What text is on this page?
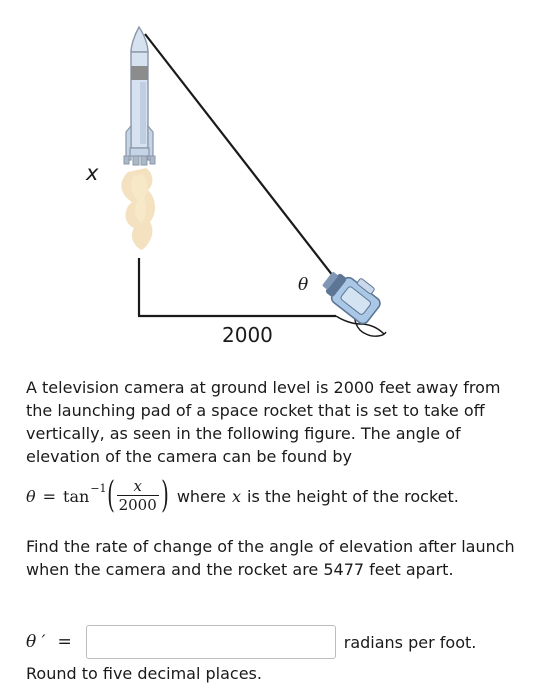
x

θ

2000

A television camera at ground level is 2000 feet away from the launching pad of a space rocket that is set to take off vertically, as seen in the following figure. The angle of elevation of the camera can be found by

θ = tan −1 ( $\frac{x}{2000}$ ) where x is the height of the rocket.

Find the rate of change of the angle of elevation after launch when the camera and the rocket are 5477 feet apart.

θ ′ =	radians per foot.

Round to five decimal places.
